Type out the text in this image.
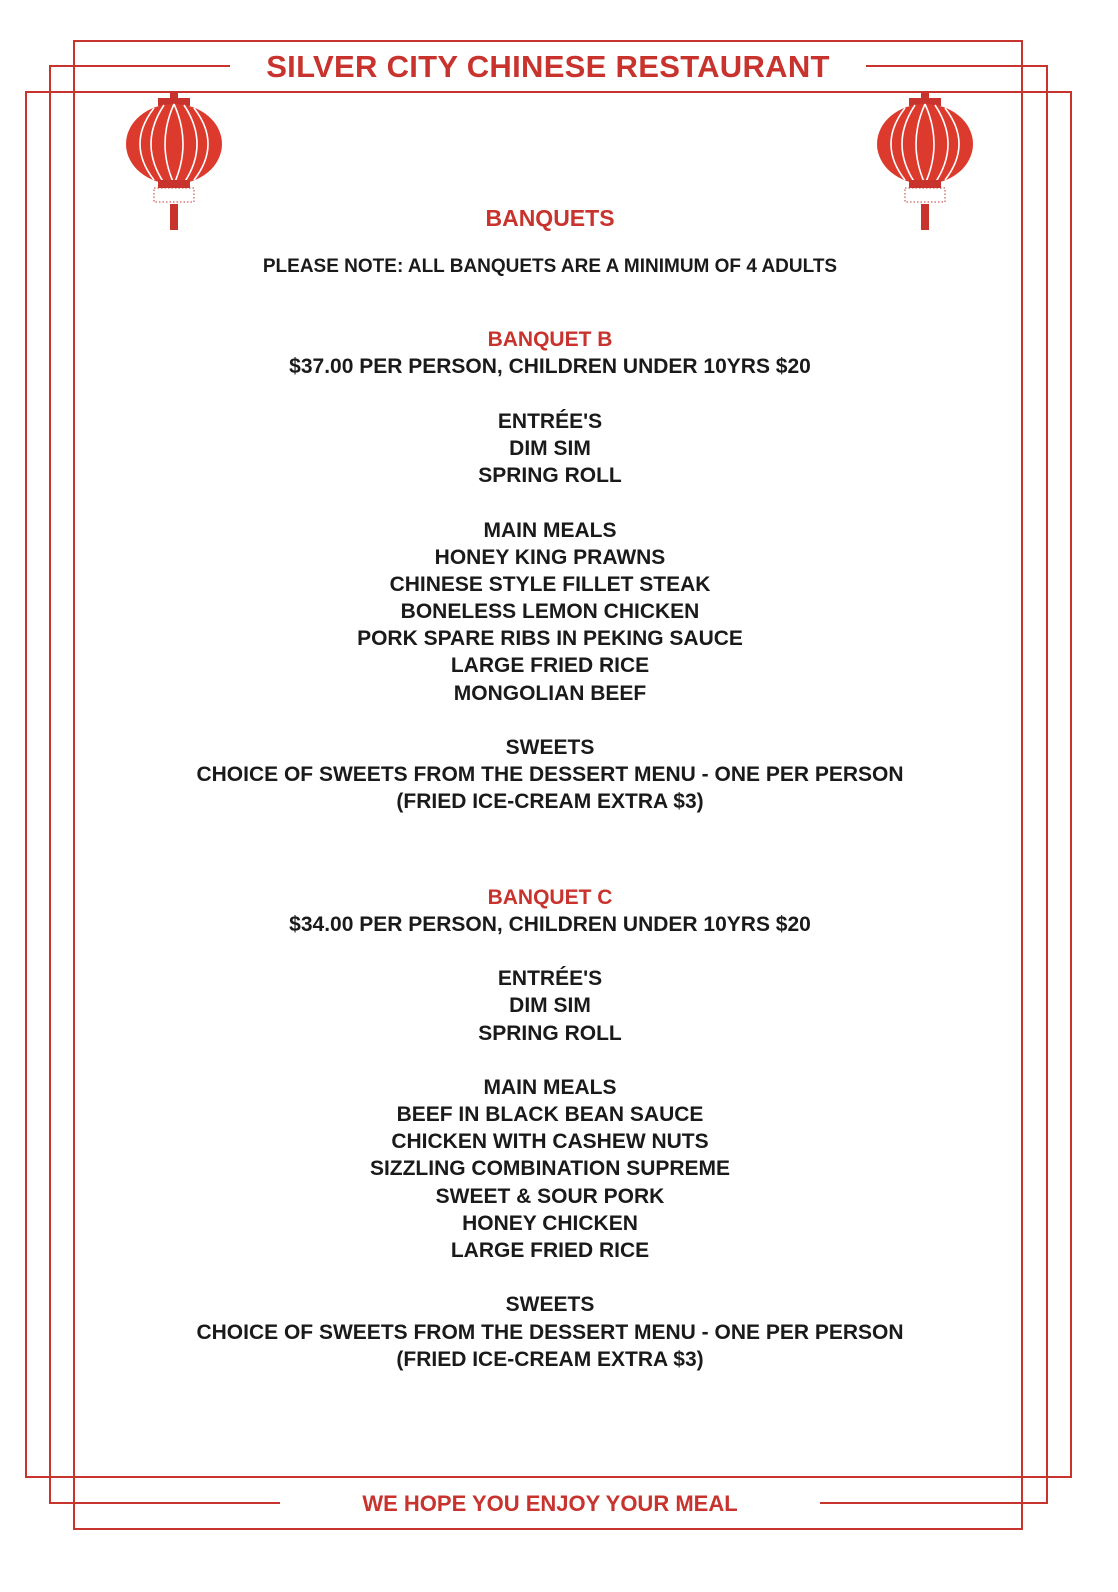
SILVER CITY CHINESE RESTAURANT
BANQUETS
PLEASE NOTE: ALL BANQUETS ARE A MINIMUM OF 4 ADULTS
BANQUET B
$37.00 PER PERSON, CHILDREN UNDER 10YRS $20
ENTRÉE'S
DIM SIM
SPRING ROLL
MAIN MEALS
HONEY KING PRAWNS
CHINESE STYLE FILLET STEAK
BONELESS LEMON CHICKEN
PORK SPARE RIBS IN PEKING SAUCE
LARGE FRIED RICE
MONGOLIAN BEEF
SWEETS
CHOICE OF SWEETS FROM THE DESSERT MENU - ONE PER PERSON
(FRIED ICE-CREAM EXTRA $3)
BANQUET C
$34.00 PER PERSON, CHILDREN UNDER 10YRS $20
ENTRÉE'S
DIM SIM
SPRING ROLL
MAIN MEALS
BEEF IN BLACK BEAN SAUCE
CHICKEN WITH CASHEW NUTS
SIZZLING COMBINATION SUPREME
SWEET & SOUR PORK
HONEY CHICKEN
LARGE FRIED RICE
SWEETS
CHOICE OF SWEETS FROM THE DESSERT MENU - ONE PER PERSON
(FRIED ICE-CREAM EXTRA $3)
WE HOPE YOU ENJOY YOUR MEAL
